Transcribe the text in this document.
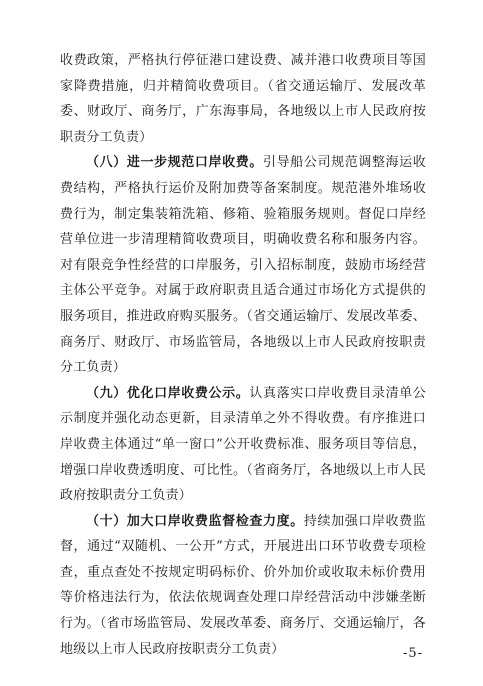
收费政策，严格执行停征港口建设费、减并港口收费项目等国家降费措施，归并精简收费项目。（省交通运输厅、发展改革委、财政厅、商务厅，广东海事局，各地级以上市人民政府按职责分工负责）

（八）进一步规范口岸收费。引导船公司规范调整海运收费结构，严格执行运价及附加费等备案制度。规范港外堆场收费行为，制定集装箱洗箱、修箱、验箱服务规则。督促口岸经营单位进一步清理精简收费项目，明确收费名称和服务内容。对有限竞争性经营的口岸服务，引入招标制度，鼓励市场经营主体公平竞争。对属于政府职责且适合通过市场化方式提供的服务项目，推进政府购买服务。（省交通运输厅、发展改革委、商务厅、财政厅、市场监管局，各地级以上市人民政府按职责分工负责）

（九）优化口岸收费公示。认真落实口岸收费目录清单公示制度并强化动态更新，目录清单之外不得收费。有序推进口岸收费主体通过“单一窗口”公开收费标准、服务项目等信息，增强口岸收费透明度、可比性。（省商务厅，各地级以上市人民政府按职责分工负责）

（十）加大口岸收费监督检查力度。持续加强口岸收费监督，通过“双随机、一公开”方式，开展进出口环节收费专项检查，重点查处不按规定明码标价、价外加价或收取未标价费用等价格违法行为，依法依规调查处理口岸经营活动中涉嫌垄断行为。（省市场监管局、发展改革委、商务厅、交通运输厅，各地级以上市人民政府按职责分工负责）	-5-
